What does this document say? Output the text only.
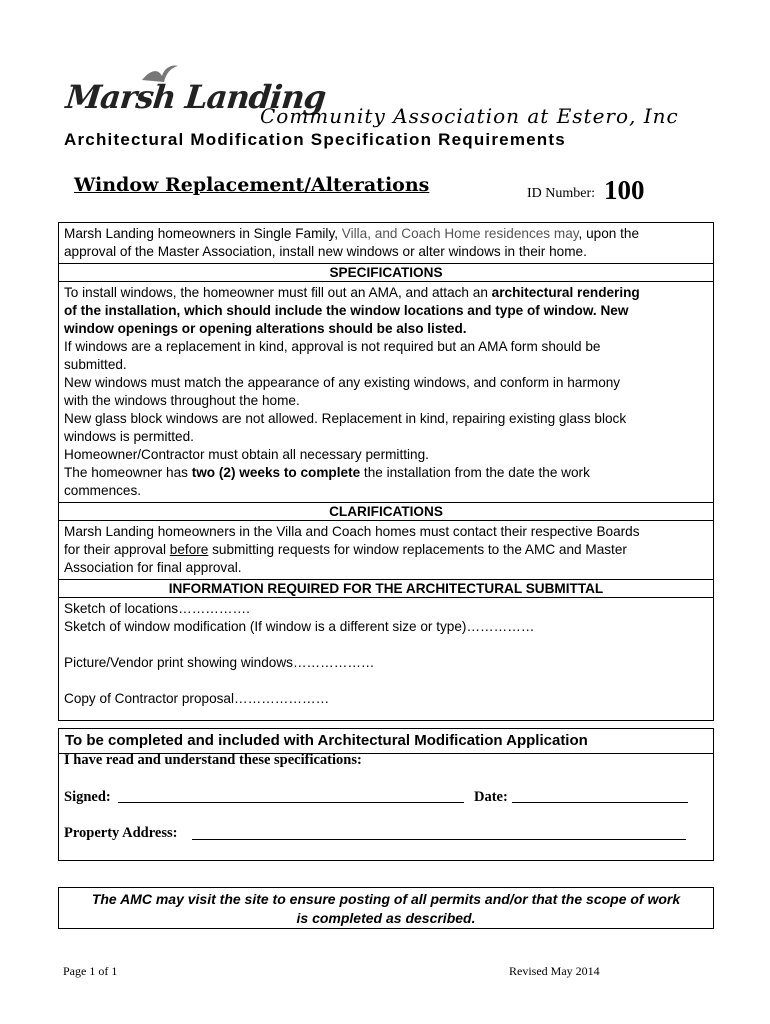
Marsh Landing
Community Association at Estero, Inc
Architectural Modification Specification Requirements
Window Replacement/Alterations	ID Number: 100
Marsh Landing homeowners in Single Family, Villa, and Coach Home residences may, upon the
approval of the Master Association, install new windows or alter windows in their home.
SPECIFICATIONS
To install windows, the homeowner must fill out an AMA, and attach an architectural rendering
of the installation, which should include the window locations and type of window. New
window openings or opening alterations should be also listed.
If windows are a replacement in kind, approval is not required but an AMA form should be
submitted.
New windows must match the appearance of any existing windows, and conform in harmony
with the windows throughout the home.
New glass block windows are not allowed. Replacement in kind, repairing existing glass block
windows is permitted.
Homeowner/Contractor must obtain all necessary permitting.
The homeowner has two (2) weeks to complete the installation from the date the work
commences.
CLARIFICATIONS
Marsh Landing homeowners in the Villa and Coach homes must contact their respective Boards
for their approval before submitting requests for window replacements to the AMC and Master
Association for final approval.
INFORMATION REQUIRED FOR THE ARCHITECTURAL SUBMITTAL
Sketch of locations…………….
Sketch of window modification (If window is a different size or type)……………
Picture/Vendor print showing windows………………
Copy of Contractor proposal…………………
To be completed and included with Architectural Modification Application
I have read and understand these specifications:
Signed:	Date:
Property Address:
The AMC may visit the site to ensure posting of all permits and/or that the scope of work
is completed as described.
Page 1 of 1	Revised May 2014
